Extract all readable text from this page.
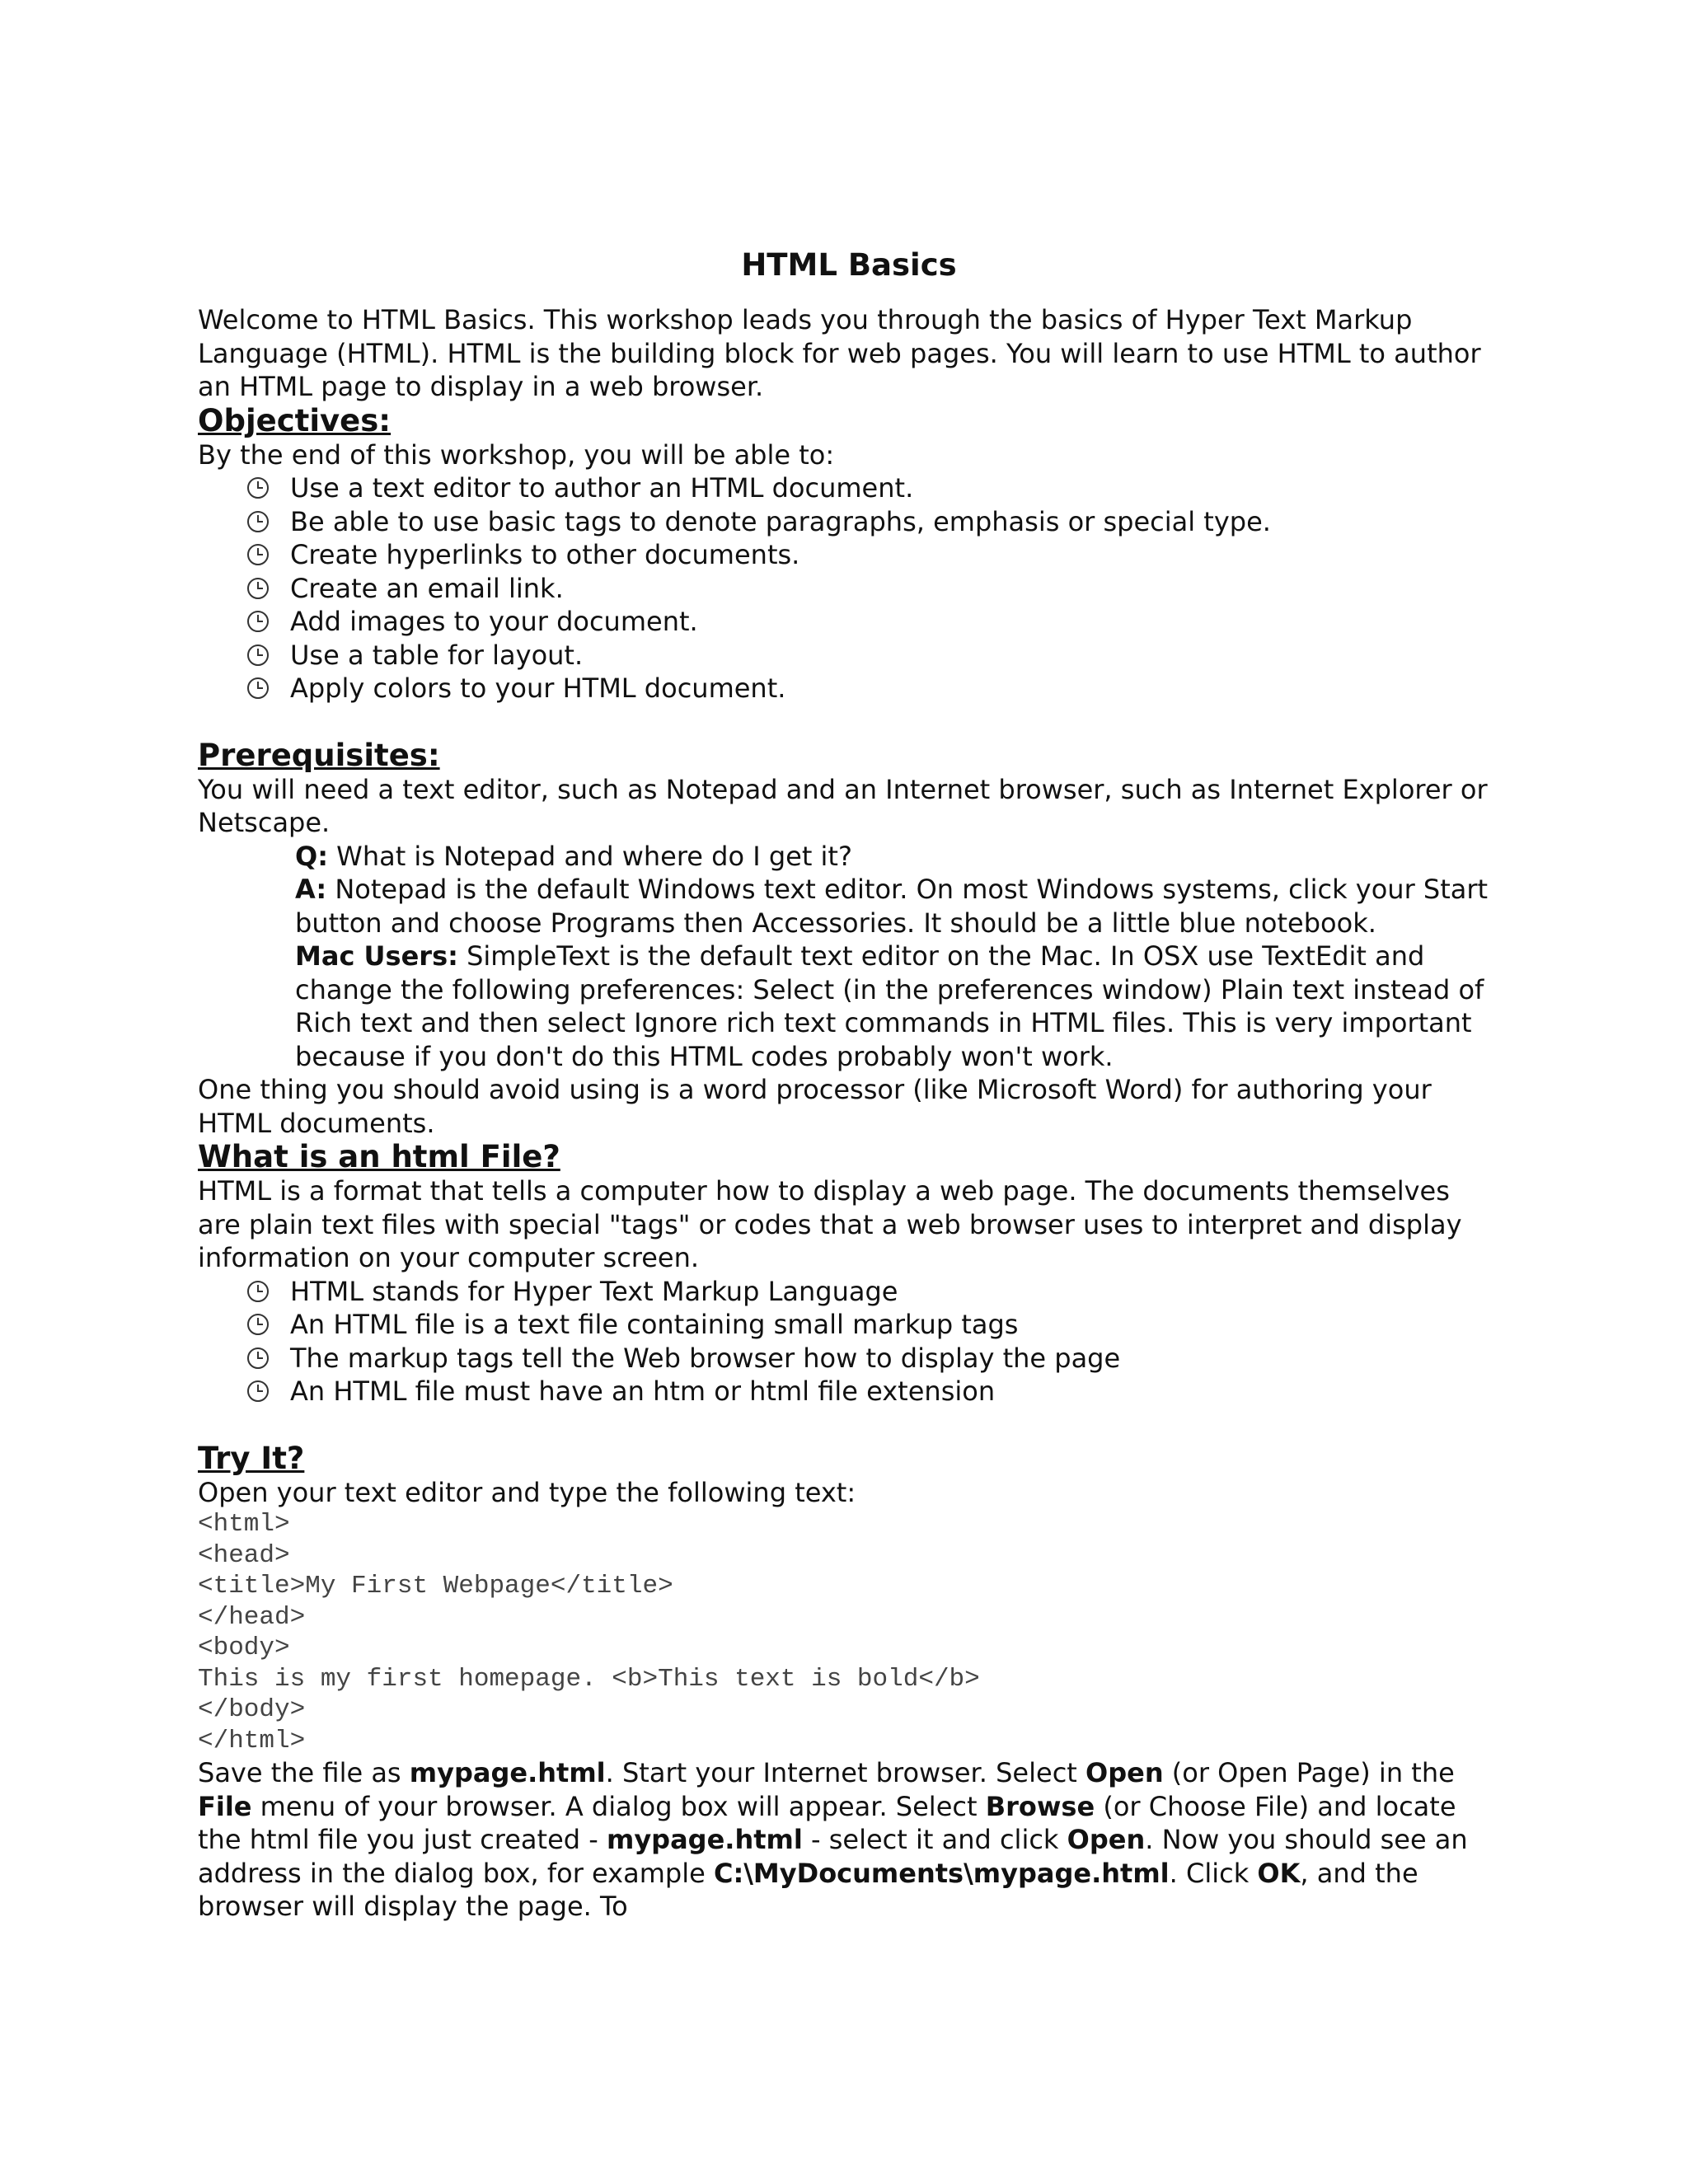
HTML Basics

Welcome to HTML Basics. This workshop leads you through the basics of Hyper Text Markup Language (HTML). HTML is the building block for web pages. You will learn to use HTML to author an HTML page to display in a web browser.

Objectives:

By the end of this workshop, you will be able to:

Use a text editor to author an HTML document.
Be able to use basic tags to denote paragraphs, emphasis or special type.
Create hyperlinks to other documents.
Create an email link.
Add images to your document.
Use a table for layout.
Apply colors to your HTML document.
Prerequisites:

You will need a text editor, such as Notepad and an Internet browser, such as Internet Explorer or Netscape.

Q: What is Notepad and where do I get it?

A: Notepad is the default Windows text editor. On most Windows systems, click your Start button and choose Programs then Accessories. It should be a little blue notebook.

Mac Users: SimpleText is the default text editor on the Mac. In OSX use TextEdit and change the following preferences: Select (in the preferences window) Plain text instead of Rich text and then select Ignore rich text commands in HTML files. This is very important because if you don't do this HTML codes probably won't work.

One thing you should avoid using is a word processor (like Microsoft Word) for authoring your HTML documents.

What is an html File?

HTML is a format that tells a computer how to display a web page. The documents themselves are plain text files with special "tags" or codes that a web browser uses to interpret and display information on your computer screen.

HTML stands for Hyper Text Markup Language
An HTML file is a text file containing small markup tags
The markup tags tell the Web browser how to display the page
An HTML file must have an htm or html file extension
Try It?

Open your text editor and type the following text:

<html>

<head>

<title>My First Webpage</title>

</head>

<body>

This is my first homepage. <b>This text is bold</b>

</body>

</html>

Save the file as mypage.html. Start your Internet browser. Select Open (or Open Page) in the File menu of your browser. A dialog box will appear. Select Browse (or Choose File) and locate the html file you just created - mypage.html - select it and click Open. Now you should see an address in the dialog box, for example C:\MyDocuments\mypage.html. Click OK, and the browser will display the page. To
